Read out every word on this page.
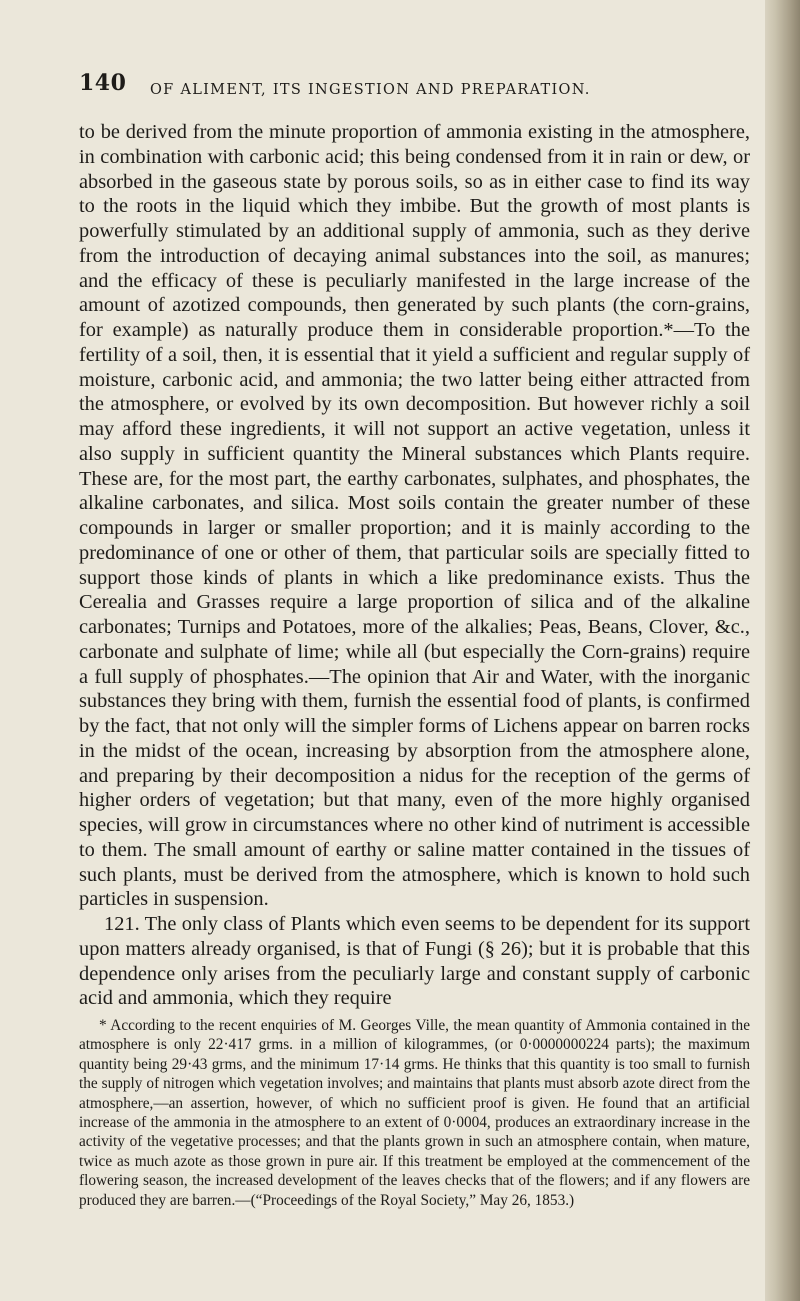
140 OF ALIMENT, ITS INGESTION AND PREPARATION.

to be derived from the minute proportion of ammonia existing in the atmosphere, in combination with carbonic acid; this being condensed from it in rain or dew, or absorbed in the gaseous state by porous soils, so as in either case to find its way to the roots in the liquid which they imbibe. But the growth of most plants is powerfully stimulated by an additional supply of ammonia, such as they derive from the introduction of decaying animal substances into the soil, as manures; and the efficacy of these is peculiarly manifested in the large increase of the amount of azotized compounds, then generated by such plants (the corn-grains, for example) as naturally produce them in considerable proportion.*—To the fertility of a soil, then, it is essential that it yield a sufficient and regular supply of moisture, carbonic acid, and ammonia; the two latter being either attracted from the atmosphere, or evolved by its own decomposition. But however richly a soil may afford these ingredients, it will not support an active vegetation, unless it also supply in sufficient quantity the Mineral substances which Plants require. These are, for the most part, the earthy carbonates, sulphates, and phosphates, the alkaline carbonates, and silica. Most soils contain the greater number of these compounds in larger or smaller proportion; and it is mainly according to the predominance of one or other of them, that particular soils are specially fitted to support those kinds of plants in which a like predominance exists. Thus the Cerealia and Grasses require a large proportion of silica and of the alkaline carbonates; Turnips and Potatoes, more of the alkalies; Peas, Beans, Clover, &c., carbonate and sulphate of lime; while all (but especially the Corn-grains) require a full supply of phosphates.—The opinion that Air and Water, with the inorganic substances they bring with them, furnish the essential food of plants, is confirmed by the fact, that not only will the simpler forms of Lichens appear on barren rocks in the midst of the ocean, increasing by absorption from the atmosphere alone, and preparing by their decomposition a nidus for the reception of the germs of higher orders of vegetation; but that many, even of the more highly organised species, will grow in circumstances where no other kind of nutriment is accessible to them. The small amount of earthy or saline matter contained in the tissues of such plants, must be derived from the atmosphere, which is known to hold such particles in suspension.

121. The only class of Plants which even seems to be dependent for its support upon matters already organised, is that of Fungi (§ 26); but it is probable that this dependence only arises from the peculiarly large and constant supply of carbonic acid and ammonia, which they require

* According to the recent enquiries of M. Georges Ville, the mean quantity of Ammonia contained in the atmosphere is only 22·417 grms. in a million of kilogrammes, (or 0·0000000224 parts); the maximum quantity being 29·43 grms, and the minimum 17·14 grms. He thinks that this quantity is too small to furnish the supply of nitrogen which vegetation involves; and maintains that plants must absorb azote direct from the atmosphere,—an assertion, however, of which no sufficient proof is given. He found that an artificial increase of the ammonia in the atmosphere to an extent of 0·0004, produces an extraordinary increase in the activity of the vegetative processes; and that the plants grown in such an atmosphere contain, when mature, twice as much azote as those grown in pure air. If this treatment be employed at the commencement of the flowering season, the increased development of the leaves checks that of the flowers; and if any flowers are produced they are barren.—(“Proceedings of the Royal Society,” May 26, 1853.)
